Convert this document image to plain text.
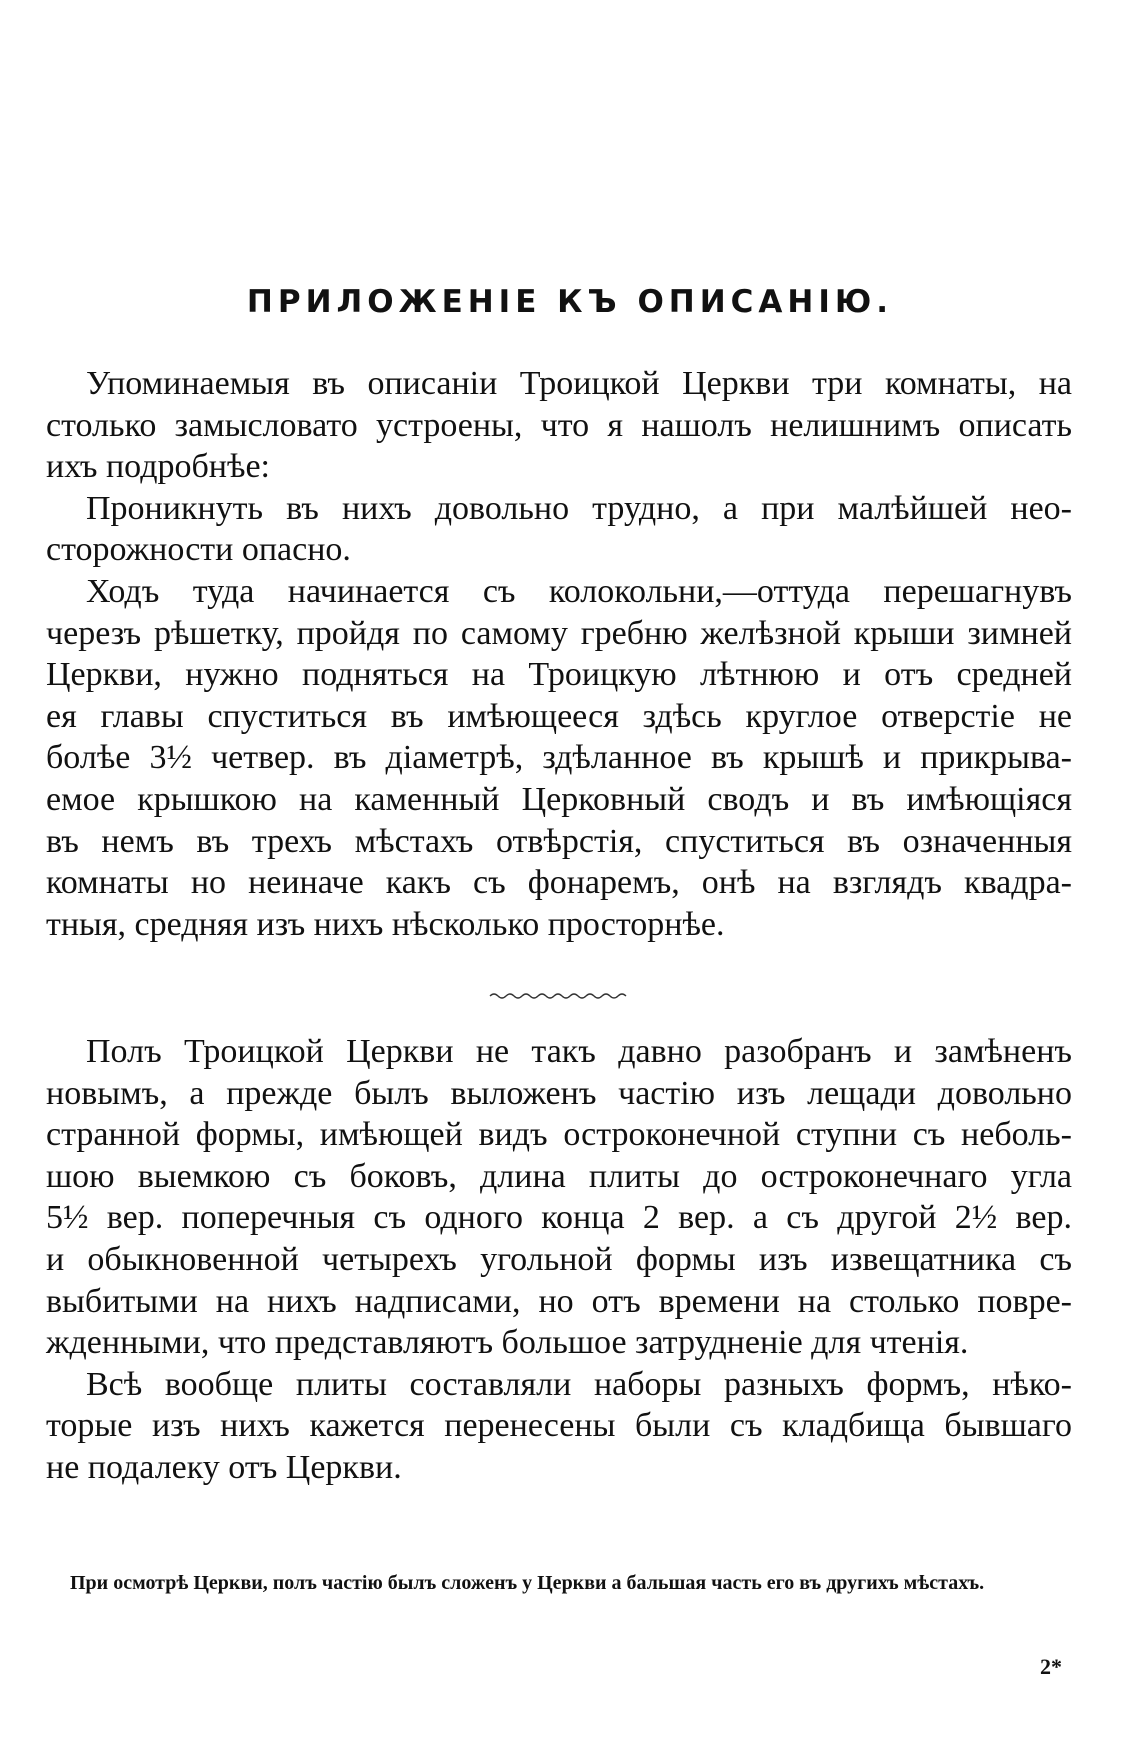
ПРИЛОЖЕНІЕ КЪ ОПИСАНІЮ.
Упоминаемыя въ описаніи Троицкой Церкви три комнаты, на
столько замысловато устроены, что я нашолъ нелишнимъ описать
ихъ подробнѣе:
Проникнуть въ нихъ довольно трудно, а при малѣйшей нео-
сторожности опасно.
Ходъ туда начинается съ колокольни,—оттуда перешагнувъ
черезъ рѣшетку, пройдя по самому гребню желѣзной крыши зимней
Церкви, нужно подняться на Троицкую лѣтнюю и отъ средней
ея главы спуститься въ имѣющееся здѣсь круглое отверстіе не
болѣе 3½ четвер. въ діаметрѣ, здѣланное въ крышѣ и прикрыва-
емое крышкою на каменный Церковный сводъ и въ имѣющіяся
въ немъ въ трехъ мѣстахъ отвѣрстія, спуститься въ означенныя
комнаты но неиначе какъ съ фонаремъ, онѣ на взглядъ квадра-
тныя, средняя изъ нихъ нѣсколько просторнѣе.
Полъ Троицкой Церкви не такъ давно разобранъ и замѣненъ
новымъ, а прежде былъ выложенъ частію изъ лещади довольно
странной формы, имѣющей видъ остроконечной ступни съ неболь-
шою выемкою съ боковъ, длина плиты до остроконечнаго угла
5½ вер. поперечныя съ одного конца 2 вер. а съ другой 2½ вер.
и обыкновенной четырехъ угольной формы изъ извещатника съ
выбитыми на нихъ надписами, но отъ времени на столько повре-
жденными, что представляютъ большое затрудненіе для чтенія.
Всѣ вообще плиты составляли наборы разныхъ формъ, нѣко-
торые изъ нихъ кажется перенесены были съ кладбища бывшаго
не подалеку отъ Церкви.
При осмотрѣ Церкви, полъ частію былъ сложенъ у Церкви а бальшая часть его въ другихъ мѣстахъ.
2*
